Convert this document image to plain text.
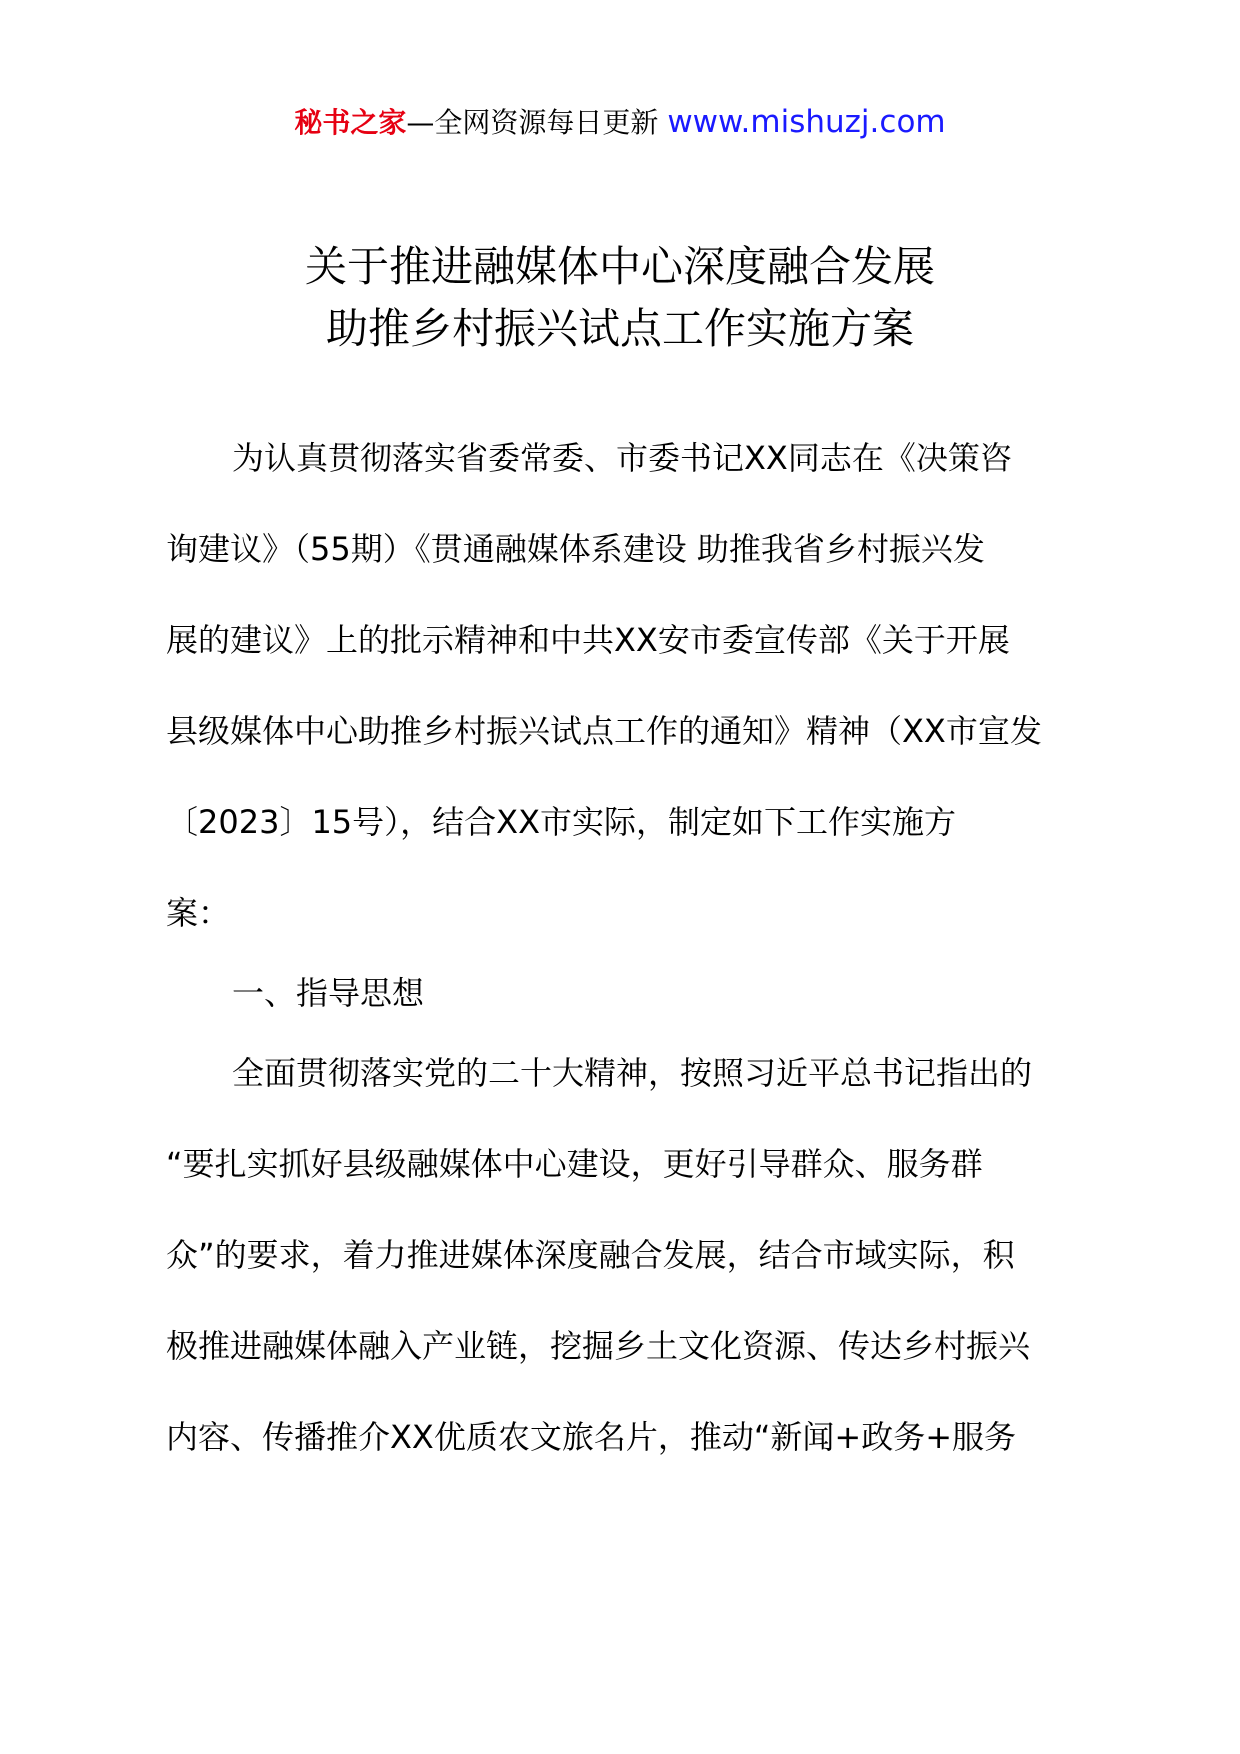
秘书之家—全网资源每日更新 www.mishuzj.com
关于推进融媒体中心深度融合发展
助推乡村振兴试点工作实施方案
为认真贯彻落实省委常委、市委书记XX同志在《决策咨
询建议》（55期）《贯通融媒体系建设 助推我省乡村振兴发
展的建议》上的批示精神和中共XX安市委宣传部《关于开展
县级媒体中心助推乡村振兴试点工作的通知》精神（XX市宣发
〔2023〕15号），结合XX市实际，制定如下工作实施方
案：
一、指导思想
全面贯彻落实党的二十大精神，按照习近平总书记指出的
“要扎实抓好县级融媒体中心建设，更好引导群众、服务群
众”的要求，着力推进媒体深度融合发展，结合市域实际，积
极推进融媒体融入产业链，挖掘乡土文化资源、传达乡村振兴
内容、传播推介XX优质农文旅名片，推动“新闻+政务+服务
